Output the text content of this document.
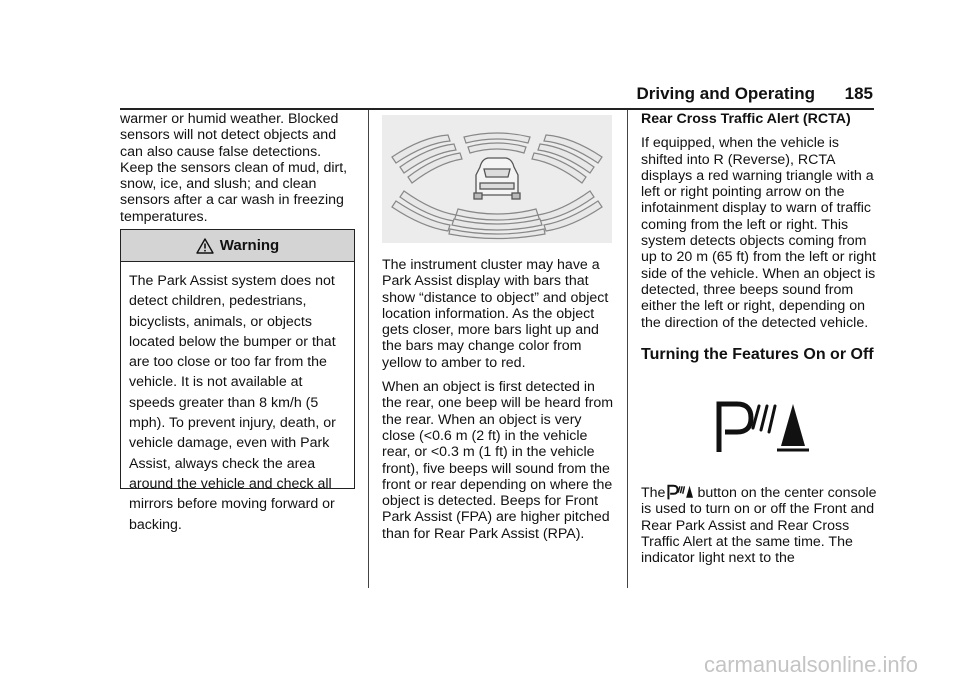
Driving and Operating 185

warmer or humid weather. Blocked sensors will not detect objects and can also cause false detections. Keep the sensors clean of mud, dirt, snow, ice, and slush; and clean sensors after a car wash in freezing temperatures.

Warning
The Park Assist system does not detect children, pedestrians, bicyclists, animals, or objects located below the bumper or that are too close or too far from the vehicle. It is not available at speeds greater than 8 km/h (5 mph). To prevent injury, death, or vehicle damage, even with Park Assist, always check the area around the vehicle and check all mirrors before moving forward or backing.

The instrument cluster may have a Park Assist display with bars that show “distance to object” and object location information. As the object gets closer, more bars light up and the bars may change color from yellow to amber to red.

When an object is first detected in the rear, one beep will be heard from the rear. When an object is very close (<0.6 m (2 ft) in the vehicle rear, or <0.3 m (1 ft) in the vehicle front), five beeps will sound from the front or rear depending on where the object is detected. Beeps for Front Park Assist (FPA) are higher pitched than for Rear Park Assist (RPA).

Rear Cross Traffic Alert (RCTA)

If equipped, when the vehicle is shifted into R (Reverse), RCTA displays a red warning triangle with a left or right pointing arrow on the infotainment display to warn of traffic coming from the left or right. This system detects objects coming from up to 20 m (65 ft) from the left or right side of the vehicle. When an object is detected, three beeps sound from either the left or right, depending on the direction of the detected vehicle.

Turning the Features On or Off
The button on the center console is used to turn on or off the Front and Rear Park Assist and Rear Cross Traffic Alert at the same time. The indicator light next to the
carmanualsonline.info
